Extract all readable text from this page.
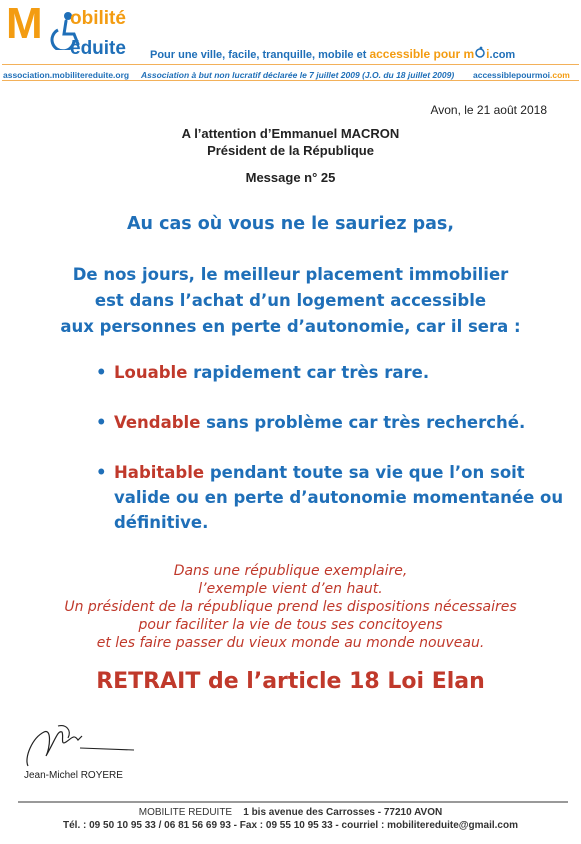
M obilité
éduite Pour une ville, facile, tranquille, mobile et accessible pour m i.com
association.mobilitereduite.org Association à but non lucratif déclarée le 7 juillet 2009 (J.O. du 18 juillet 2009) accessiblepourmoi.com
Avon, le 21 août 2018
A l’attention d’Emmanuel MACRON
Président de la République
Message n° 25
Au cas où vous ne le sauriez pas,
De nos jours, le meilleur placement immobilier
est dans l’achat d’un logement accessible
aux personnes en perte d’autonomie, car il sera :
• Louable rapidement car très rare.
• Vendable sans problème car très recherché.
• Habitable pendant toute sa vie que l’on soit valide ou en perte d’autonomie momentanée ou définitive.
Dans une république exemplaire,
l’exemple vient d’en haut.
Un président de la république prend les dispositions nécessaires
pour faciliter la vie de tous ses concitoyens
et les faire passer du vieux monde au monde nouveau.
RETRAIT de l’article 18 Loi Elan
Jean-Michel ROYERE
MOBILITE REDUITE 1 bis avenue des Carrosses - 77210 AVON
Tél. : 09 50 10 95 33 / 06 81 56 69 93 - Fax : 09 55 10 95 33 - courriel : mobilitereduite@gmail.com
